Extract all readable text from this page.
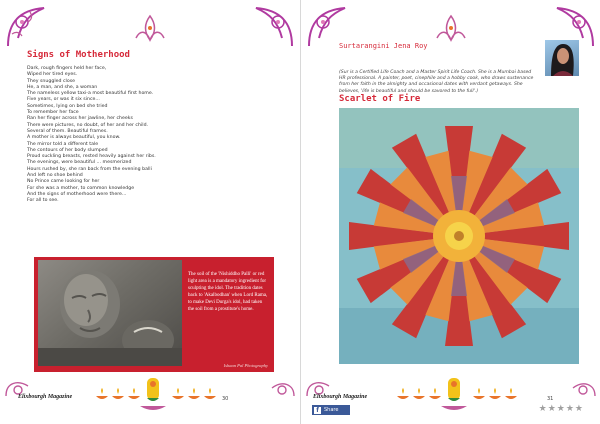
Signs of Motherhood
Dark, rough fingers held her face,
Wiped her tired eyes.
They snuggled close
He, a man, and she, a woman
The nameless yellow taxi-a most beautiful first home.
Five years, or was it six since...
Sometimes, lying on bed she tried
To remember her face
Ran her finger across her jawline, her cheeks
There were pictures, no doubt, of her and her child.
Several of them. Beautiful frames.
A mother is always beautiful, you know.
The mirror told a different tale
The contours of her body slumped
Proud suckling breasts, rested heavily against her ribs.
The evenings, were beautiful ... mesmerized
Hours rushed by, she ran back from the evening balli
And left no shoe behind
No Prince came looking for her
For she was a mother, to common knowledge
And the signs of motherhood were there...
For all to see.
The soil of the 'Nishiddho Palli' or red light area is a mandatory ingredient for sculpting the idol. The tradition dates back to 'Akalbodhan' when Lord Rama, to make Devi Durga's idol, had taken the soil from a prostitute's home.
Ishaan Pal Photography
Elixbourgh Magazine	30
Surtarangini Jena Roy
(Sur is a Certified Life Coach and a Master Spirit Life Coach. She is a Mumbai based HR professional. A painter, poet, cinephile and a hobby cook, who draws sustenance from her faith in the almighty and occasional dates with verdant getaways. She believes, 'life is beautiful and should be savored to the full'.)
Scarlet of Fire
Elixbourgh Magazine	31
f	Share	★★★★★
